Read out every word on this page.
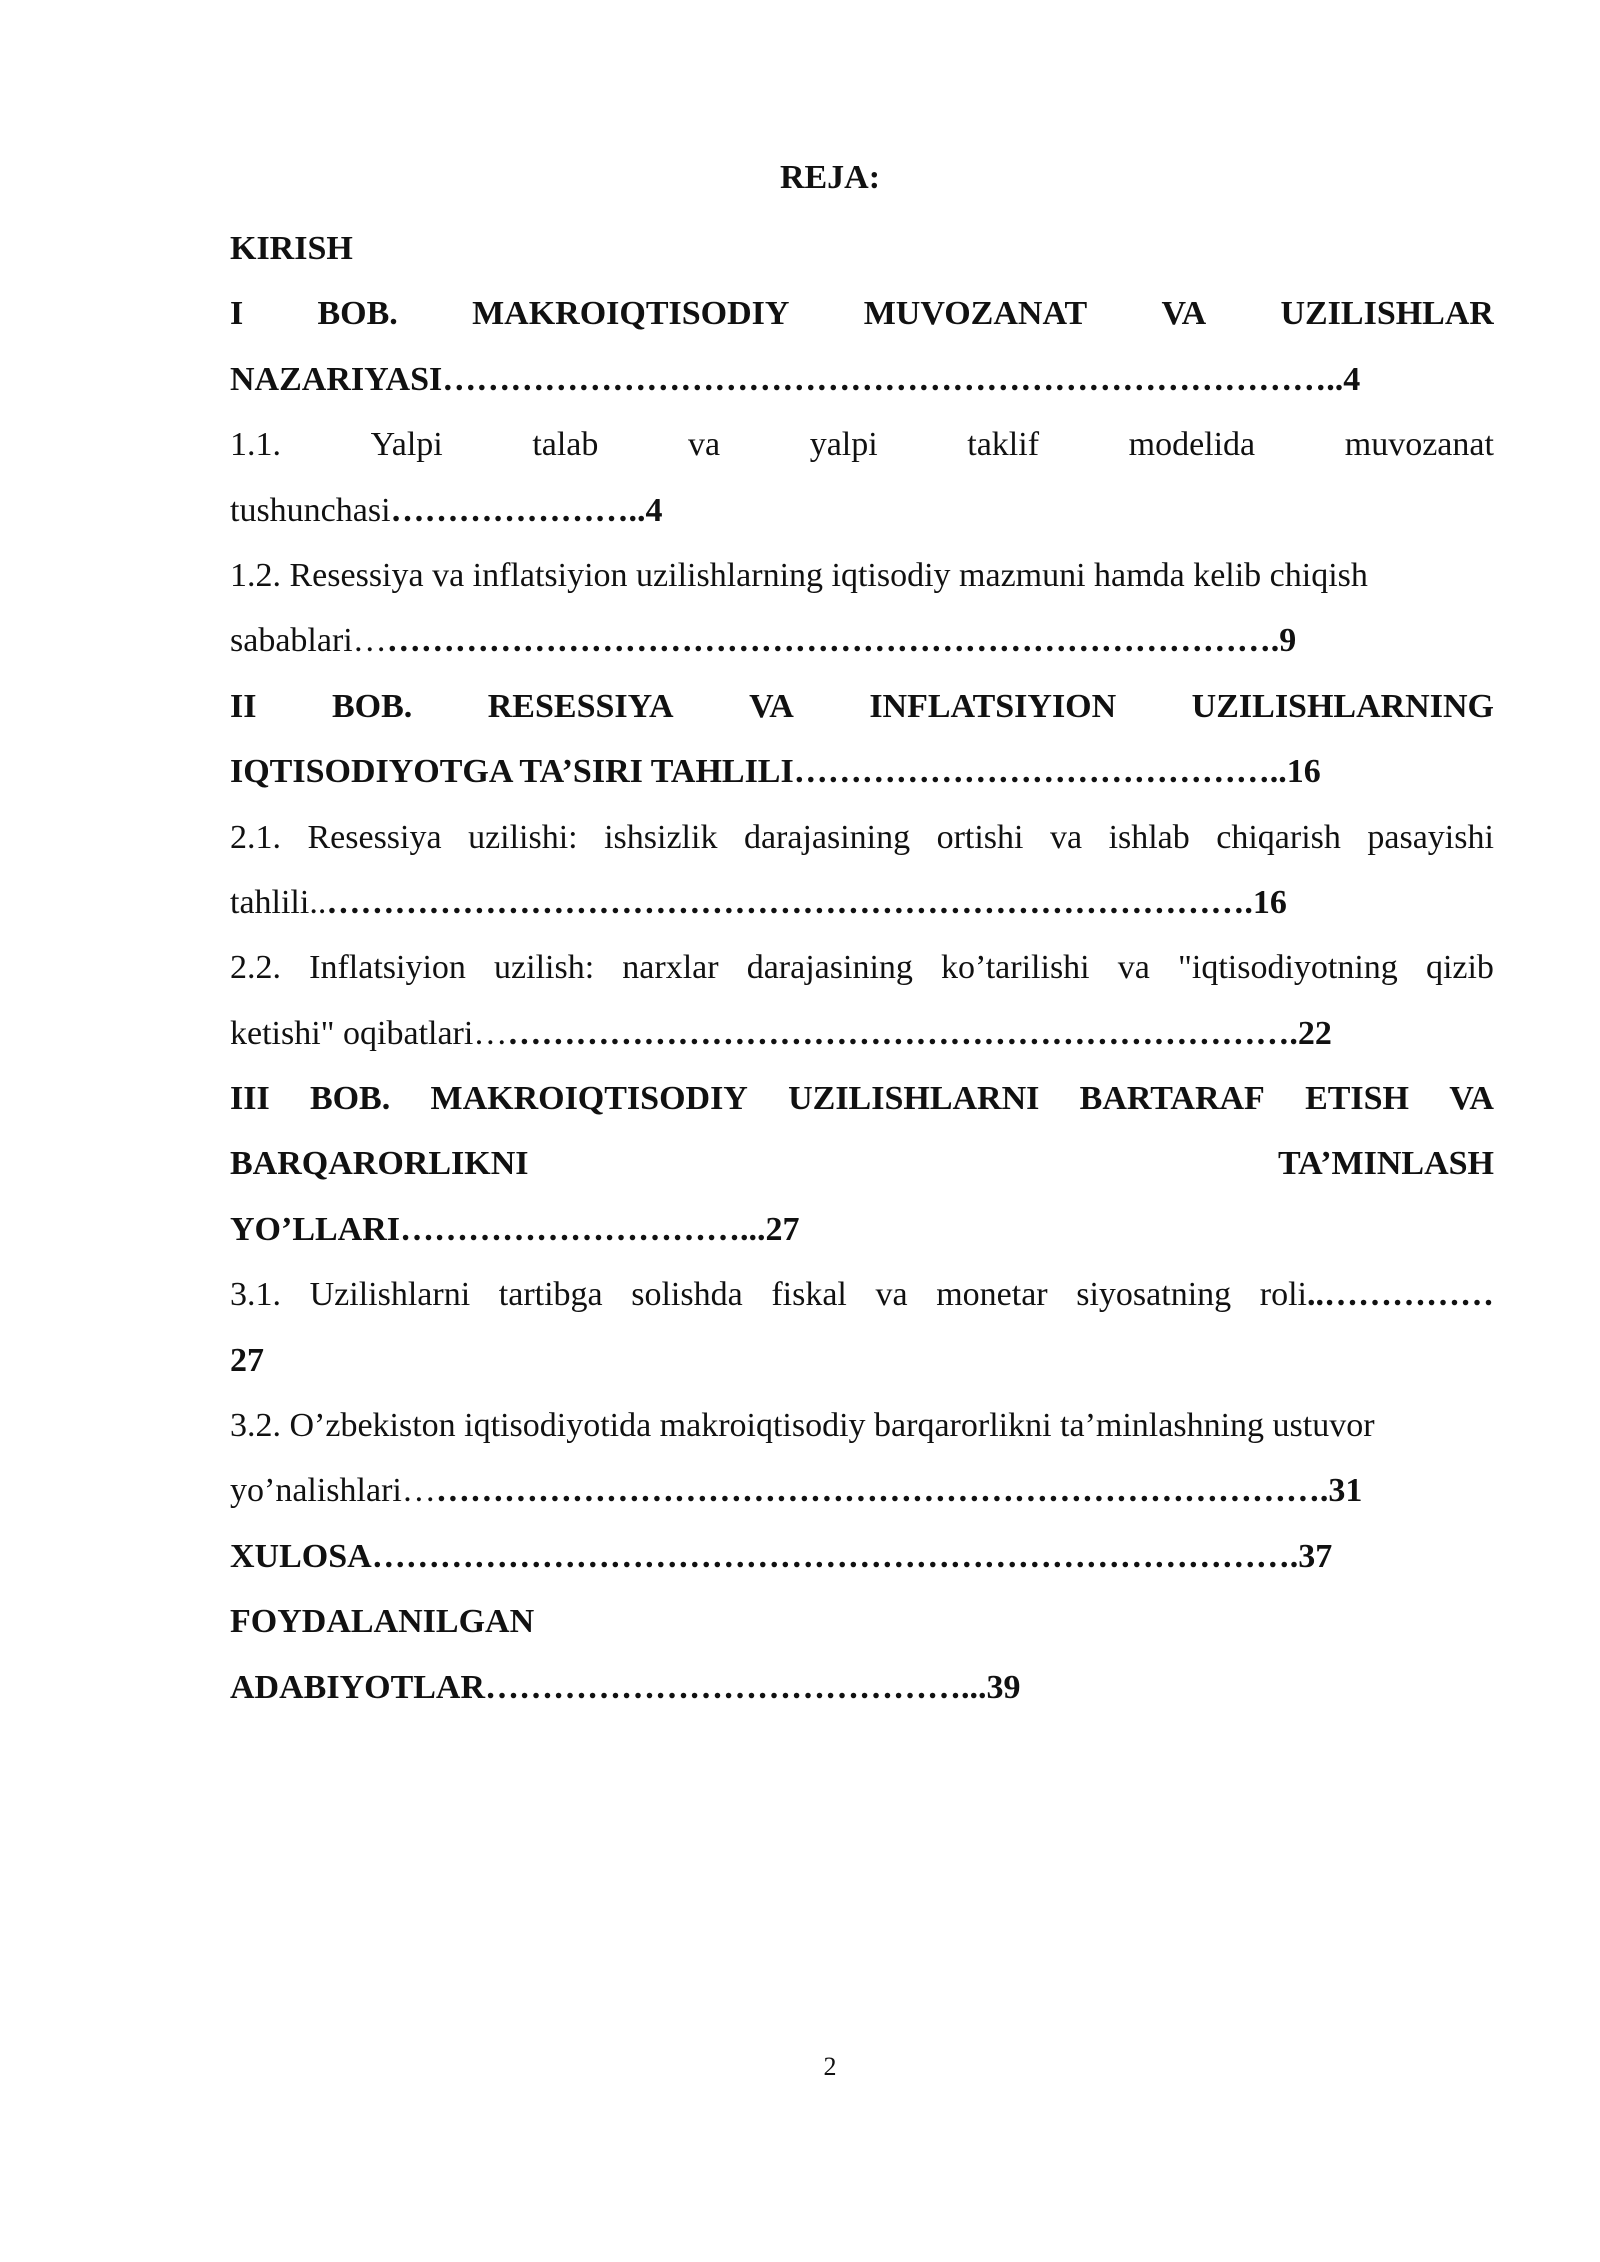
REJA:
KIRISH
I BOB. MAKROIQTISODIY MUVOZANAT VA UZILISHLAR
NAZARIYASI……………………………………………………………………..4
1.1.	Yalpi	talab	va	yalpi	taklif	modelida	muvozanat
tushunchasi…………………..4
1.2. Resessiya va inflatsiyion uzilishlarning iqtisodiy mazmuni hamda kelib chiqish
sabablari……………………………………………………………………….9
II BOB. RESESSIYA VA INFLATSIYION UZILISHLARNING
IQTISODIYOTGA TA’SIRI TAHLILI……………………………………..16
2.1. Resessiya uzilishi: ishsizlik darajasining ortishi va ishlab chiqarish pasayishi
tahlili..……………………………………………………………………….16
2.2. Inflatsiyion uzilish: narxlar darajasining ko’tarilishi va "iqtisodiyotning qizib
ketishi" oqibatlari……………………………………………………………….22
III BOB. MAKROIQTISODIY UZILISHLARNI BARTARAF ETISH VA
BARQARORLIKNI	TA’MINLASH
YO’LLARI…………………………...27
3.1. Uzilishlarni tartibga solishda fiskal va monetar siyosatning roli..……………
27
3.2. O’zbekiston iqtisodiyotida makroiqtisodiy barqarorlikni ta’minlashning ustuvor
yo’nalishlari……………………………………………………………………….31
XULOSA……………………………………………………………………….37
FOYDALANILGAN
ADABIYOTLAR……………………………………...39
2
